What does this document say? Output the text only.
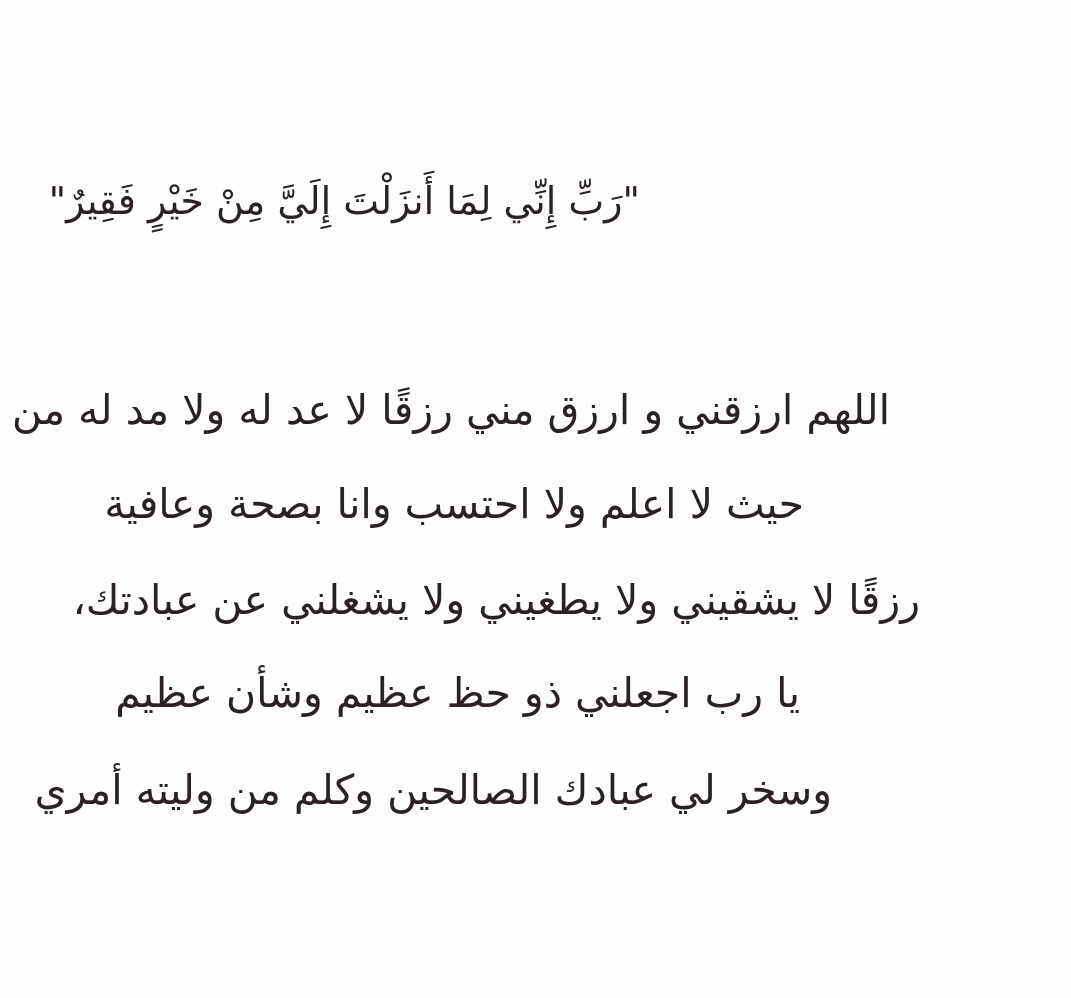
"رَبِّ إِنِّي لِمَا أَنزَلْتَ إِلَيَّ مِنْ خَيْرٍ فَقِيرٌ"
اللهم ارزقني و ارزق مني رزقًا لا عد له ولا مد له من
حيث لا اعلم ولا احتسب وانا بصحة وعافية
رزقًا لا يشقيني ولا يطغيني ولا يشغلني عن عبادتك،
يا رب اجعلني ذو حظ عظيم وشأن عظيم
وسخر لي عبادك الصالحين وكلم من وليته أمري
